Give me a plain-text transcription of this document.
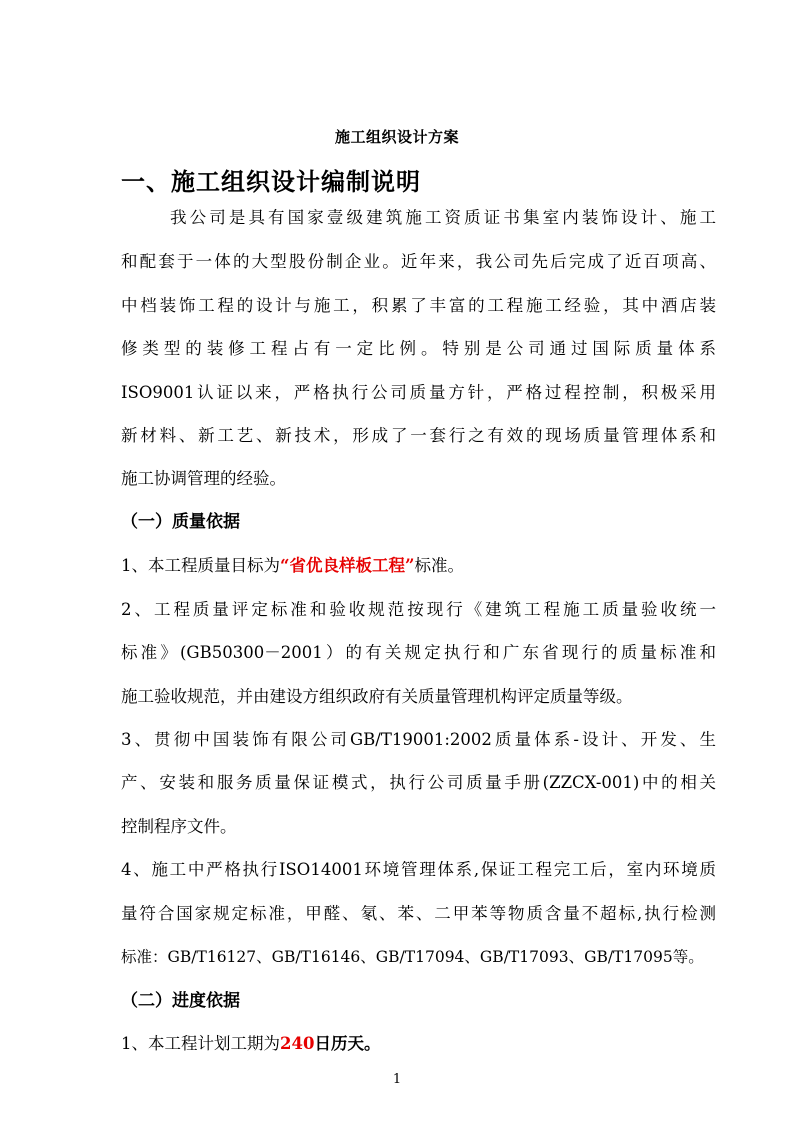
施工组织设计方案
一、施工组织设计编制说明
我公司是具有国家壹级建筑施工资质证书集室内装饰设计、施工
和配套于一体的大型股份制企业。近年来，我公司先后完成了近百项高、
中档装饰工程的设计与施工，积累了丰富的工程施工经验，其中酒店装
修类型的装修工程占有一定比例。特别是公司通过国际质量体系
ISO9001认证以来，严格执行公司质量方针，严格过程控制，积极采用
新材料、新工艺、新技术，形成了一套行之有效的现场质量管理体系和
施工协调管理的经验。
（一）质量依据
1、本工程质量目标为“省优良样板工程”标准。
2、工程质量评定标准和验收规范按现行《建筑工程施工质量验收统一
标准》(GB50300－2001）的有关规定执行和广东省现行的质量标准和
施工验收规范，并由建设方组织政府有关质量管理机构评定质量等级。
3、贯彻中国装饰有限公司GB/T19001:2002质量体系-设计、开发、生
产、安装和服务质量保证模式，执行公司质量手册(ZZCX-001)中的相关
控制程序文件。
4、施工中严格执行ISO14001环境管理体系,保证工程完工后，室内环境质
量符合国家规定标准，甲醛、氡、苯、二甲苯等物质含量不超标,执行检测
标准：GB/T16127、GB/T16146、GB/T17094、GB/T17093、GB/T17095等。
（二）进度依据
1、本工程计划工期为240日历天。
1
